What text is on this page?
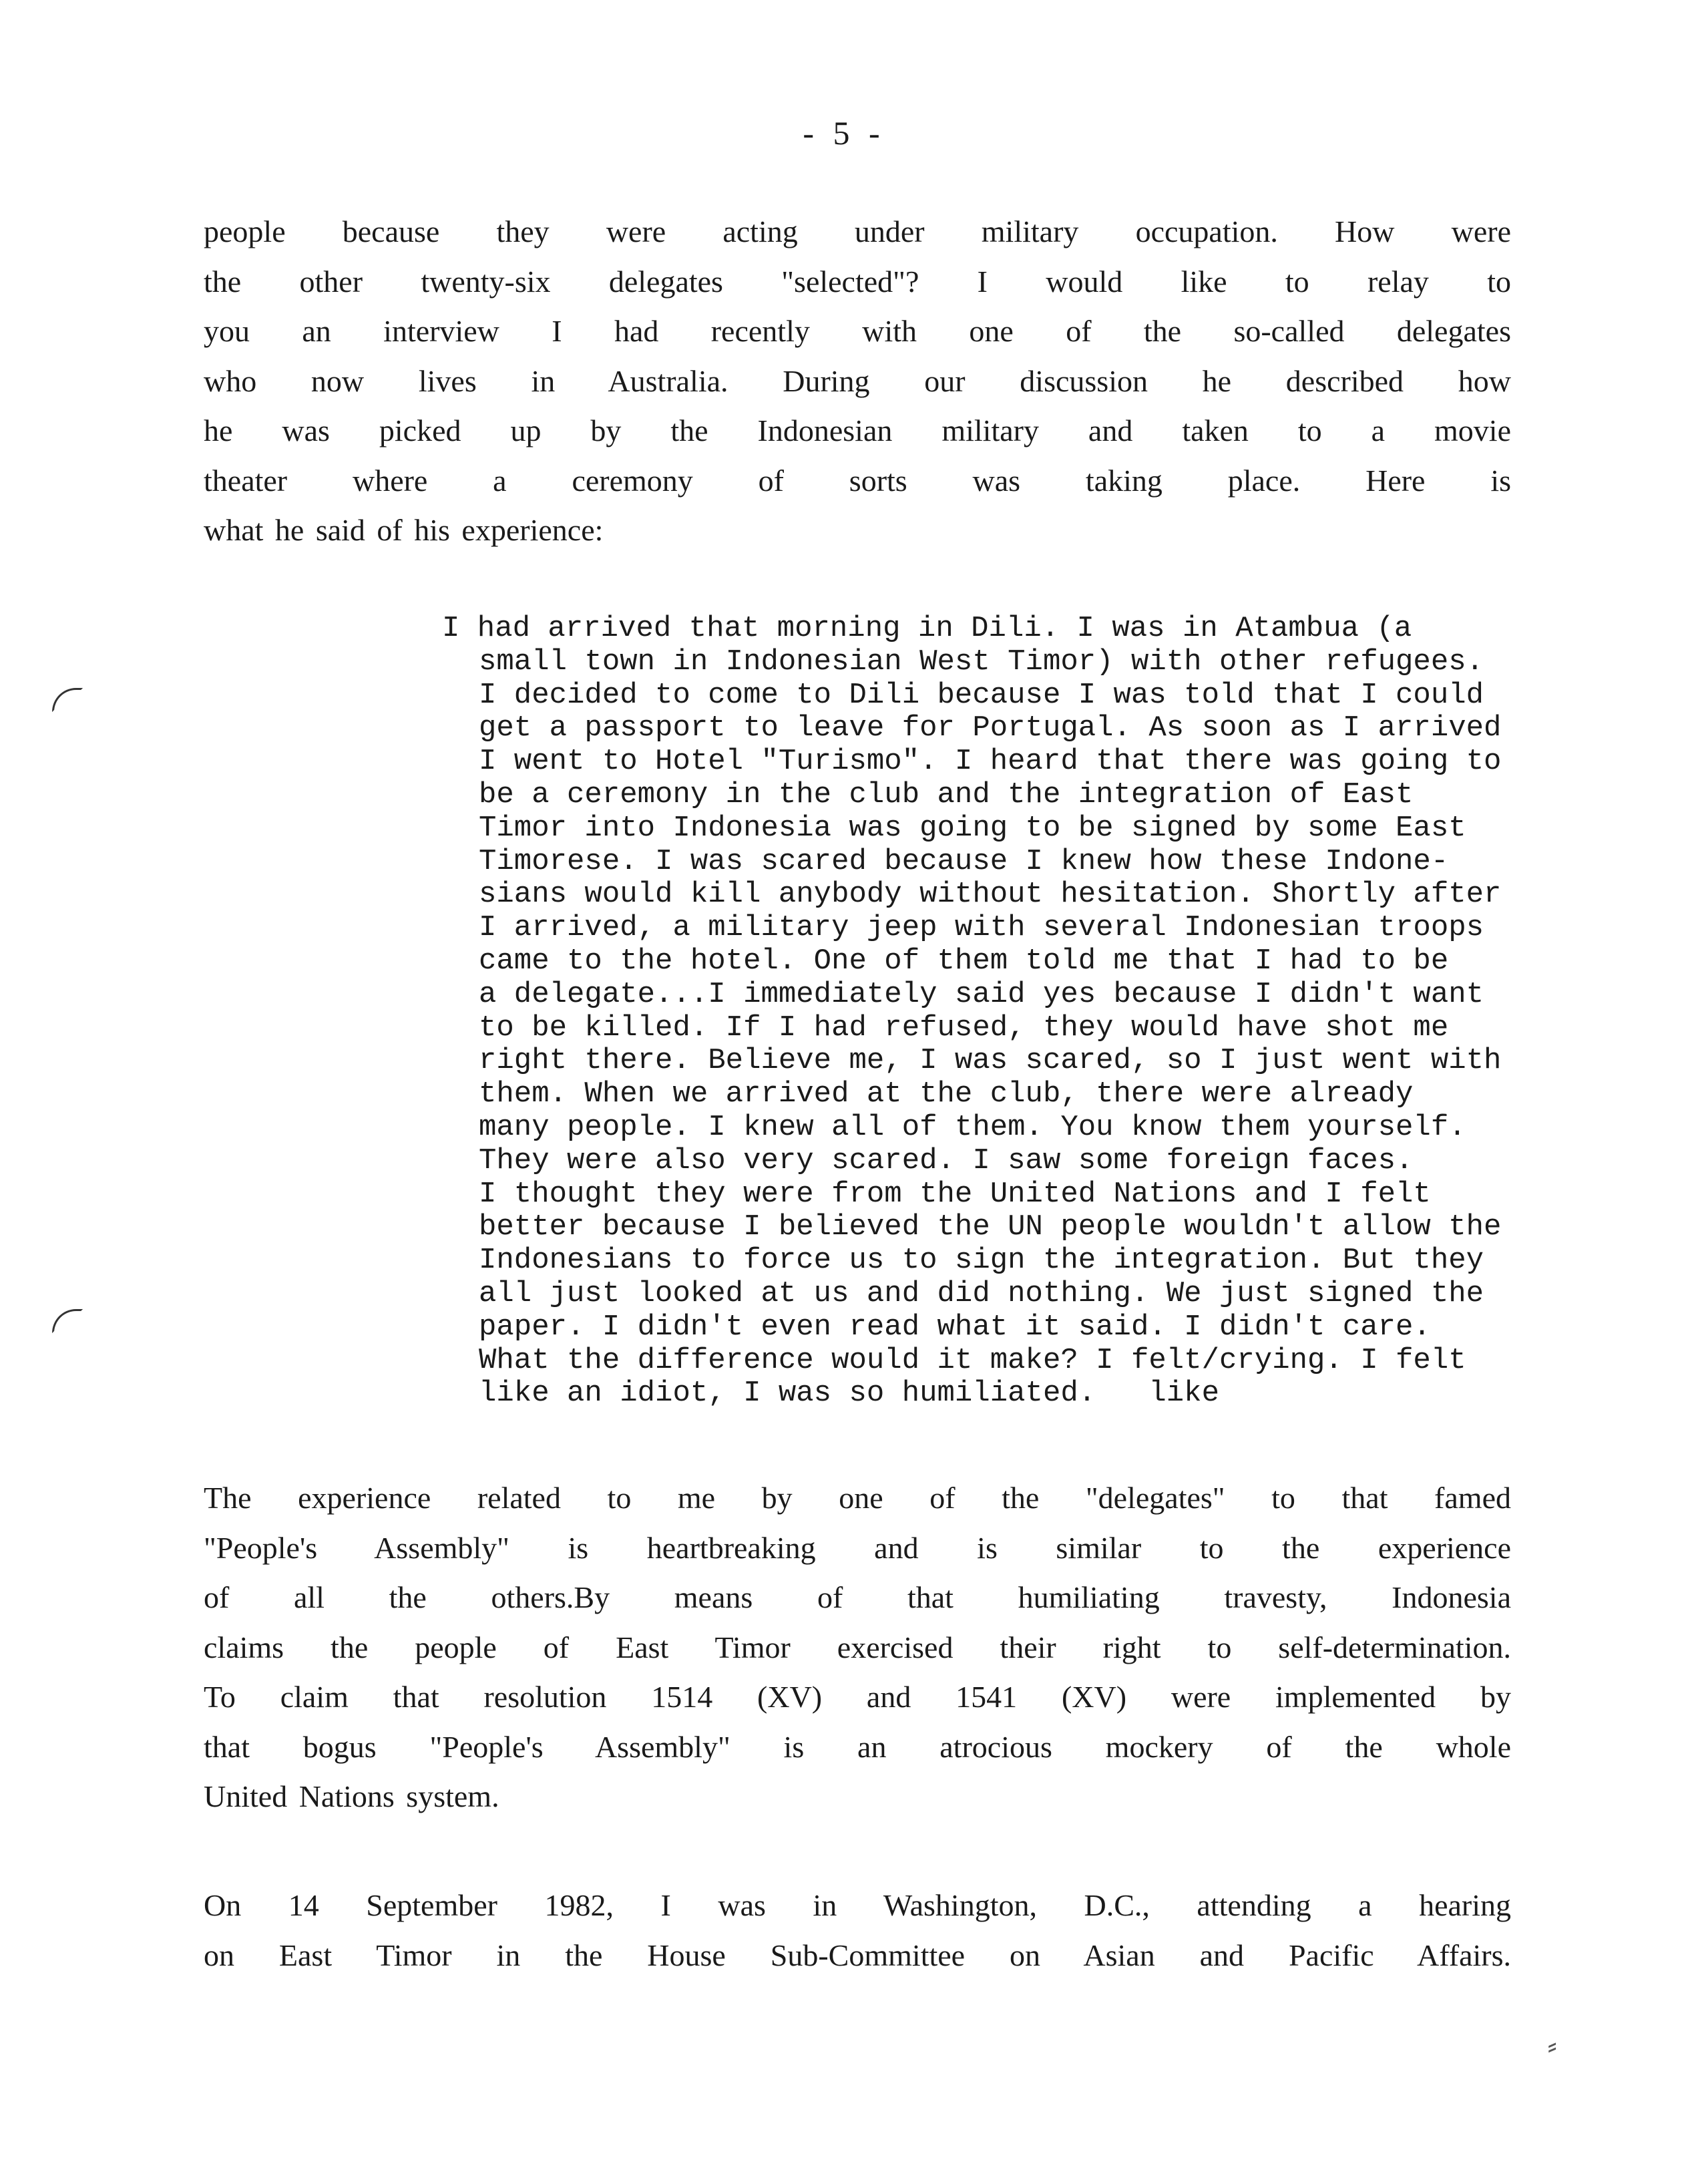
- 5 -

people because they were acting under military occupation. How were
the other twenty-six delegates "selected"? I would like to relay to
you an interview I had recently with one of the so-called delegates
who now lives in Australia. During our discussion he described how
he was picked up by the Indonesian military and taken to a movie
theater where a ceremony of sorts was taking place. Here is
what he said of his experience:

I had arrived that morning in Dili. I was in Atambua (a
small town in Indonesian West Timor) with other refugees.
I decided to come to Dili because I was told that I could
get a passport to leave for Portugal. As soon as I arrived
I went to Hotel "Turismo". I heard that there was going to
be a ceremony in the club and the integration of East
Timor into Indonesia was going to be signed by some East
Timorese. I was scared because I knew how these Indone-
sians would kill anybody without hesitation. Shortly after
I arrived, a military jeep with several Indonesian troops
came to the hotel. One of them told me that I had to be
a delegate...I immediately said yes because I didn't want
to be killed. If I had refused, they would have shot me
right there. Believe me, I was scared, so I just went with
them. When we arrived at the club, there were already
many people. I knew all of them. You know them yourself.
They were also very scared. I saw some foreign faces.
I thought they were from the United Nations and I felt
better because I believed the UN people wouldn't allow the
Indonesians to force us to sign the integration. But they
all just looked at us and did nothing. We just signed the
paper. I didn't even read what it said. I didn't care.
What the difference would it make? I felt/crying. I felt
like an idiot, I was so humiliated.   like

The experience related to me by one of the "delegates" to that famed
"People's Assembly" is heartbreaking and is similar to the experience
of all the others.By means of that humiliating travesty, Indonesia
claims the people of East Timor exercised their right to self-determination.
To claim that resolution 1514 (XV) and 1541 (XV) were implemented by
that bogus "People's Assembly" is an atrocious mockery of the whole
United Nations system.

On 14 September 1982, I was in Washington, D.C., attending a hearing
on East Timor in the House Sub-Committee on Asian and Pacific Affairs.

⸗
